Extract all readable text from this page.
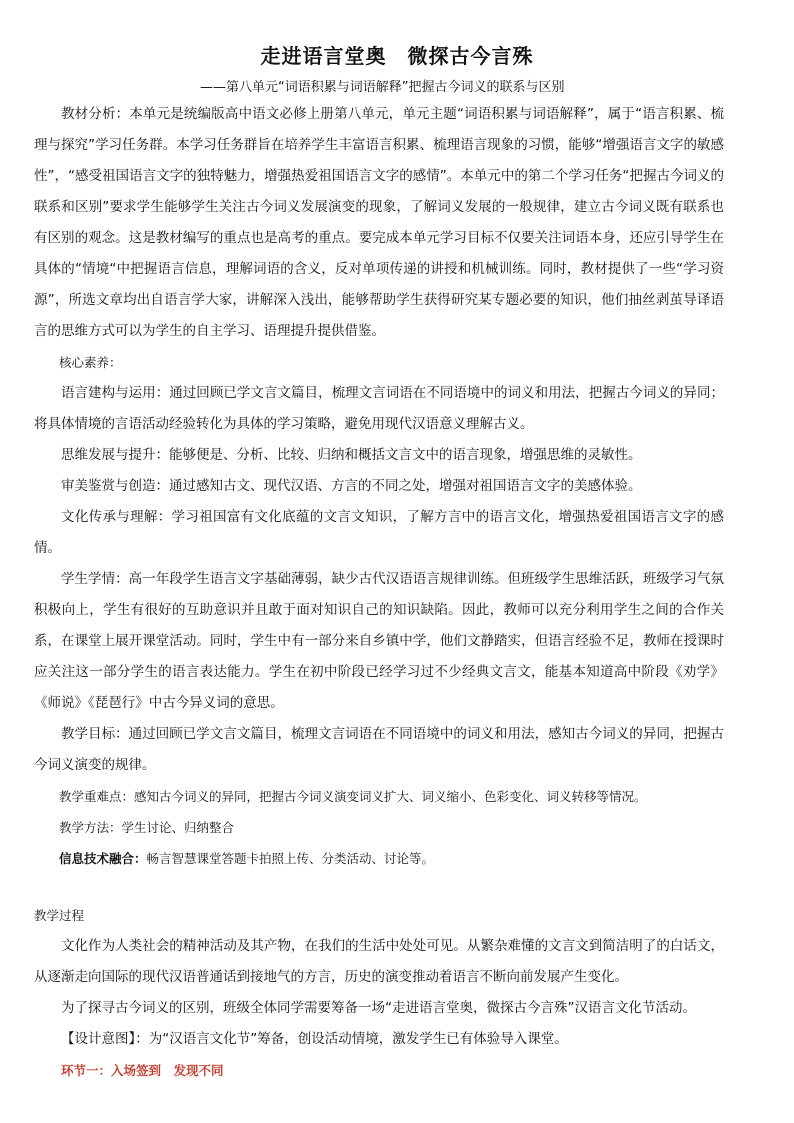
走进语言堂奥　微探古今言殊
——第八单元“词语积累与词语解释”把握古今词义的联系与区别

教材分析：本单元是统编版高中语文必修上册第八单元，单元主题“词语积累与词语解释”，属于“语言积累、梳理与探究”学习任务群。本学习任务群旨在培养学生丰富语言积累、梳理语言现象的习惯，能够“增强语言文字的敏感性”，“感受祖国语言文字的独特魅力，增强热爱祖国语言文字的感情”。本单元中的第二个学习任务“把握古今词义的联系和区别”要求学生能够学生关注古今词义发展演变的现象，了解词义发展的一般规律，建立古今词义既有联系也有区别的观念。这是教材编写的重点也是高考的重点。要完成本单元学习目标不仅要关注词语本身，还应引导学生在具体的“情境“中把握语言信息，理解词语的含义，反对单项传递的讲授和机械训练。同时，教材提供了一些“学习资源”，所选文章均出自语言学大家，讲解深入浅出，能够帮助学生获得研究某专题必要的知识，他们抽丝剥茧导译语言的思维方式可以为学生的自主学习、语理提升提供借鉴。

核心素养：

语言建构与运用：通过回顾已学文言文篇目，梳理文言词语在不同语境中的词义和用法，把握古今词义的异同；将具体情境的言语活动经验转化为具体的学习策略，避免用现代汉语意义理解古义。

思维发展与提升：能够便是、分析、比较、归纳和概括文言文中的语言现象，增强思维的灵敏性。

审美鉴赏与创造：通过感知古文、现代汉语、方言的不同之处，增强对祖国语言文字的美感体验。

文化传承与理解：学习祖国富有文化底蕴的文言文知识，了解方言中的语言文化，增强热爱祖国语言文字的感情。

学生学情：高一年段学生语言文字基础薄弱，缺少古代汉语语言规律训练。但班级学生思维活跃，班级学习气氛积极向上，学生有很好的互助意识并且敢于面对知识自己的知识缺陷。因此，教师可以充分利用学生之间的合作关系，在课堂上展开课堂活动。同时，学生中有一部分来自乡镇中学，他们文静踏实，但语言经验不足，教师在授课时应关注这一部分学生的语言表达能力。学生在初中阶段已经学习过不少经典文言文，能基本知道高中阶段《劝学》《师说》《琵琶行》中古今异义词的意思。

教学目标：通过回顾已学文言文篇目，梳理文言词语在不同语境中的词义和用法，感知古今词义的异同，把握古今词义演变的规律。

教学重难点：感知古今词义的异同，把握古今词义演变词义扩大、词义缩小、色彩变化、词义转移等情况。

教学方法：学生讨论、归纳整合

信息技术融合：畅言智慧课堂答题卡拍照上传、分类活动、讨论等。

教学过程

文化作为人类社会的精神活动及其产物，在我们的生活中处处可见。从繁杂难懂的文言文到简洁明了的白话文，从逐渐走向国际的现代汉语普通话到接地气的方言，历史的演变推动着语言不断向前发展产生变化。

为了探寻古今词义的区别，班级全体同学需要筹备一场“走进语言堂奥，微探古今言殊”汉语言文化节活动。

【设计意图】：为“汉语言文化节”筹备，创设活动情境，激发学生已有体验导入课堂。

环节一：入场签到　发现不同
